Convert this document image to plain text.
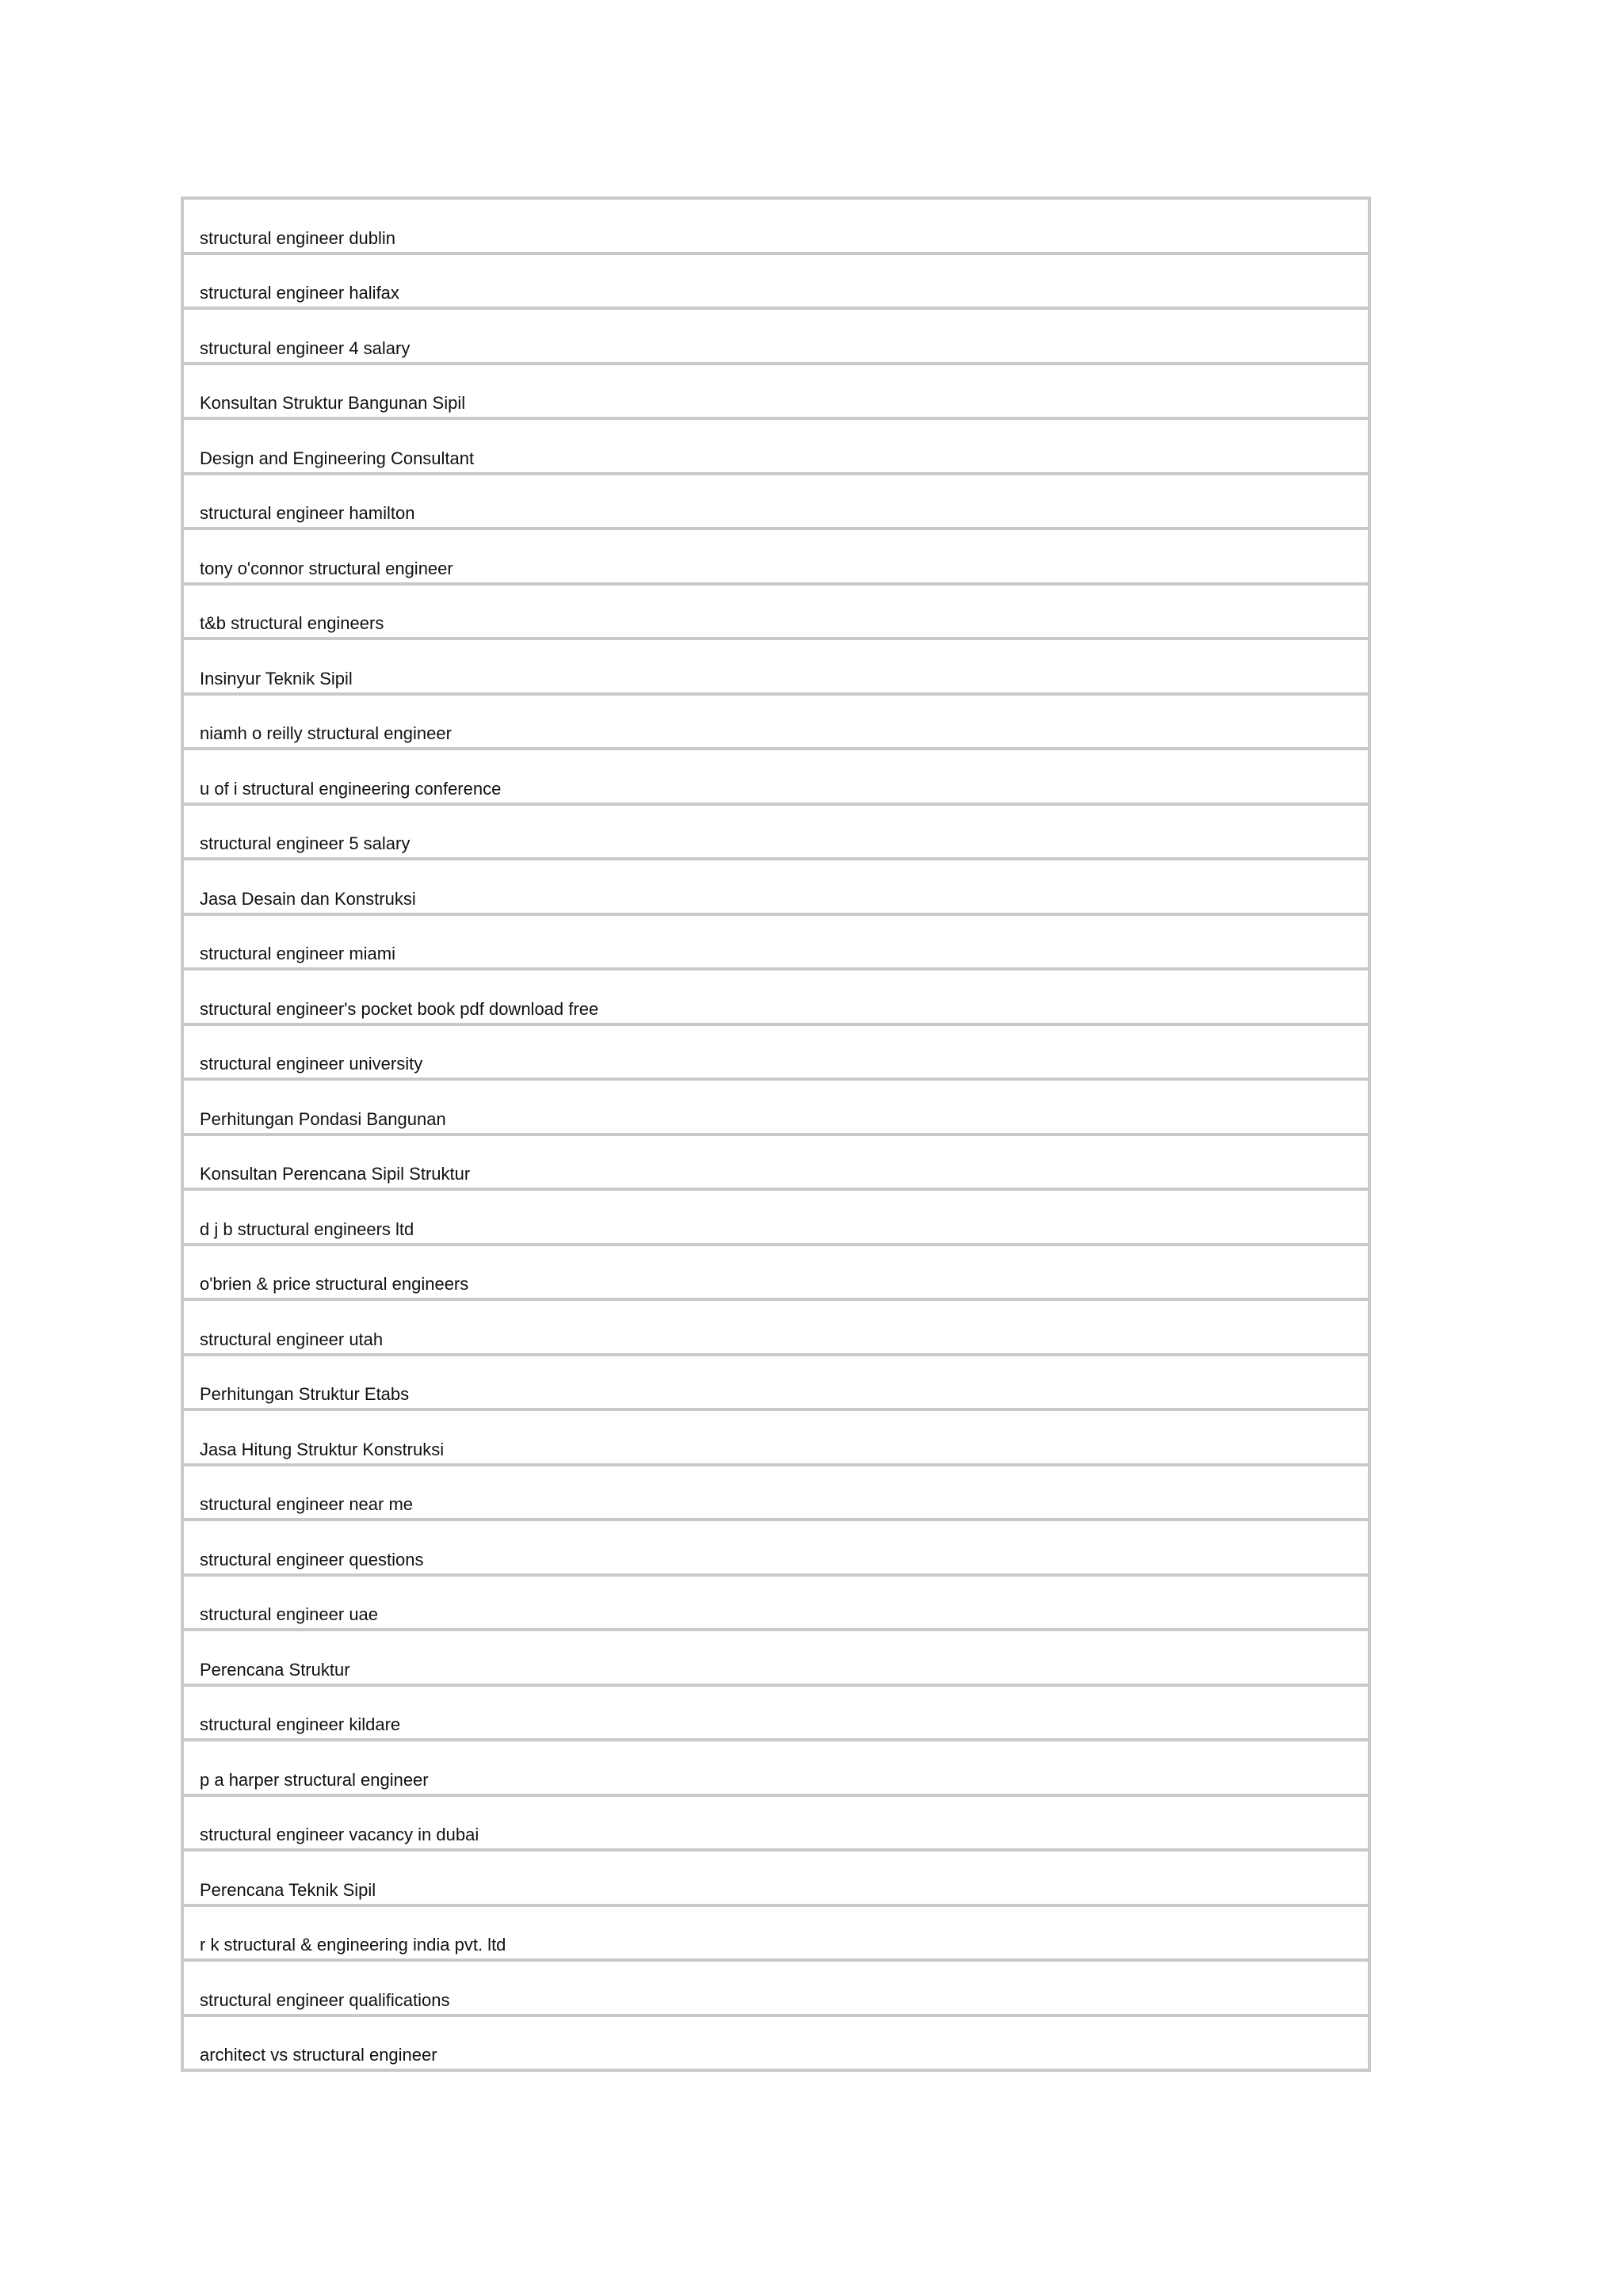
structural engineer dublin
structural engineer halifax
structural engineer 4 salary
Konsultan Struktur Bangunan Sipil
Design and Engineering Consultant
structural engineer hamilton
tony o'connor structural engineer
t&b structural engineers
Insinyur Teknik Sipil
niamh o reilly structural engineer
u of i structural engineering conference
structural engineer 5 salary
Jasa Desain dan Konstruksi
structural engineer miami
structural engineer's pocket book pdf download free
structural engineer university
Perhitungan Pondasi Bangunan
Konsultan Perencana Sipil Struktur
d j b structural engineers ltd
o'brien & price structural engineers
structural engineer utah
Perhitungan Struktur Etabs
Jasa Hitung Struktur Konstruksi
structural engineer near me
structural engineer questions
structural engineer uae
Perencana Struktur
structural engineer kildare
p a harper structural engineer
structural engineer vacancy in dubai
Perencana Teknik Sipil
r k structural & engineering india pvt. ltd
structural engineer qualifications
architect vs structural engineer
